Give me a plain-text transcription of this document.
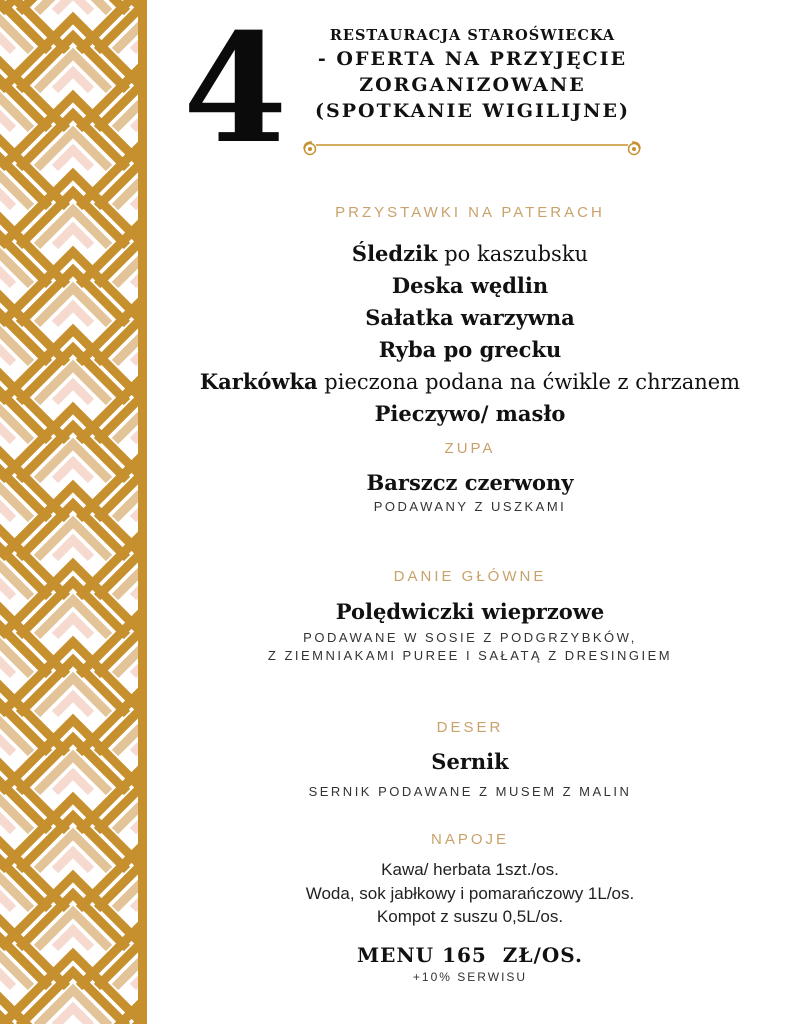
4	RESTAURACJA STAROŚWIECKA
- OFERTA NA PRZYJĘCIE
ZORGANIZOWANE
(SPOTKANIE WIGILIJNE)
PRZYSTAWKI NA PATERACH
Śledzik po kaszubsku
Deska wędlin
Sałatka warzywna
Ryba po grecku
Karkówka pieczona podana na ćwikle z chrzanem
Pieczywo/ masło
ZUPA
Barszcz czerwony
PODAWANY Z USZKAMI
DANIE GŁÓWNE
Polędwiczki wieprzowe
PODAWANE W SOSIE Z PODGRZYBKÓW,
Z ZIEMNIAKAMI PUREE I SAŁATĄ Z DRESINGIEM
DESER
Sernik
SERNIK PODAWANE Z MUSEM Z MALIN
NAPOJE
Kawa/ herbata 1szt./os.
Woda, sok jabłkowy i pomarańczowy 1L/os.
Kompot z suszu 0,5L/os.
MENU 165  ZŁ/OS.
+10% SERWISU
